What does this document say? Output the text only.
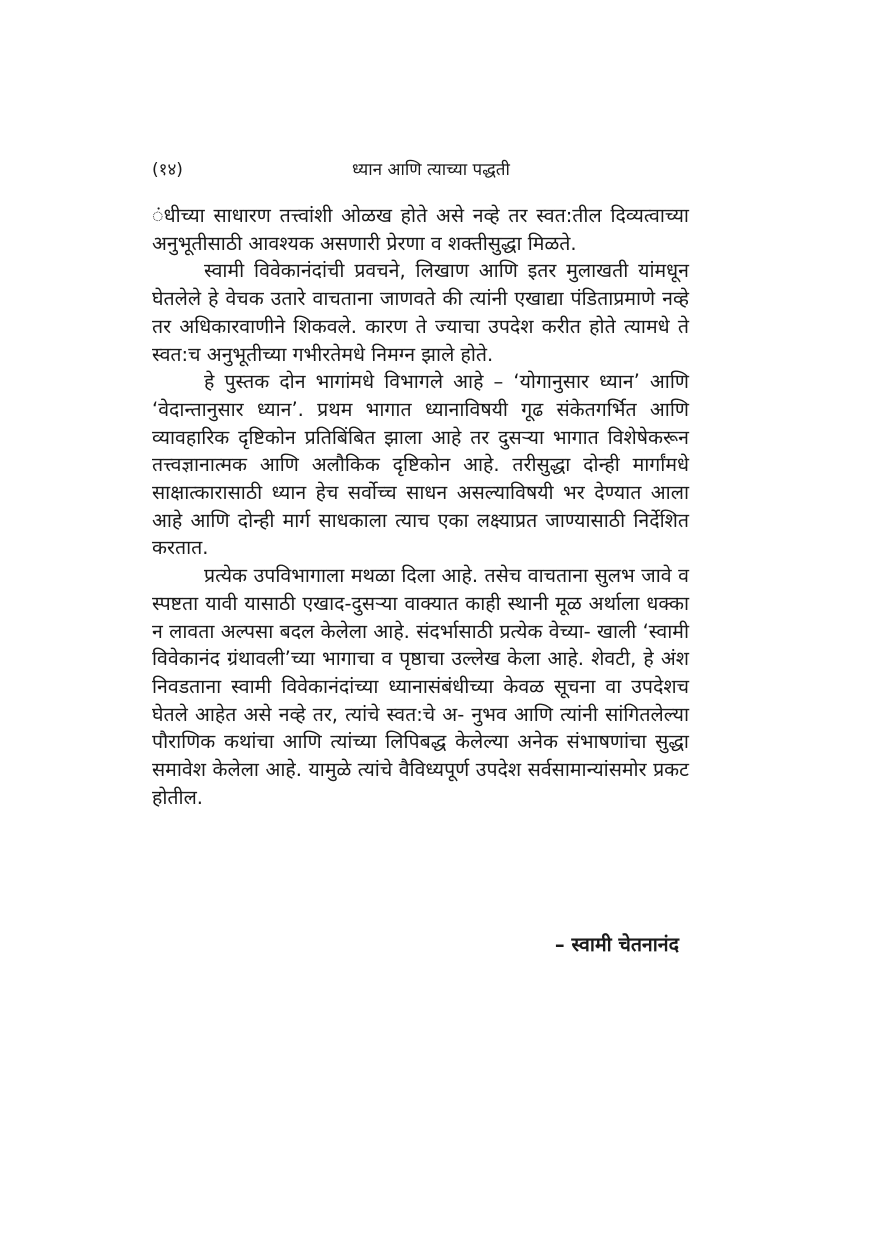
(१४)	ध्यान आणि त्याच्या पद्धती

ंधीच्या साधारण तत्त्वांशी ओळख होते असे नव्हे तर स्वत:तील दिव्यत्वाच्या अनुभूतीसाठी आवश्यक असणारी प्रेरणा व शक्तीसुद्धा मिळते.

स्वामी विवेकानंदांची प्रवचने, लिखाण आणि इतर मुलाखती यांमधून घेतलेले हे वेचक उतारे वाचताना जाणवते की त्यांनी एखाद्या पंडिताप्रमाणे नव्हे तर अधिकारवाणीने शिकवले. कारण ते ज्याचा उपदेश करीत होते त्यामधे ते स्वत:च अनुभूतीच्या गभीरतेमधे निमग्न झाले होते.

हे पुस्तक दोन भागांमधे विभागले आहे – ‘योगानुसार ध्यान’ आणि ‘वेदान्तानुसार ध्यान’. प्रथम भागात ध्यानाविषयी गूढ संकेतगर्भित आणि व्यावहारिक दृष्टिकोन प्रतिबिंबित झाला आहे तर दुसऱ्या भागात विशेषेकरून तत्त्वज्ञानात्मक आणि अलौकिक दृष्टिकोन आहे. तरीसुद्धा दोन्ही मार्गांमधे साक्षात्कारासाठी ध्यान हेच सर्वोच्च साधन असल्याविषयी भर देण्यात आला आहे आणि दोन्ही मार्ग साधकाला त्याच एका लक्ष्याप्रत जाण्यासाठी निर्देशित करतात.

प्रत्येक उपविभागाला मथळा दिला आहे. तसेच वाचताना सुलभ जावे व स्पष्टता यावी यासाठी एखाद-दुसऱ्या वाक्यात काही स्थानी मूळ अर्थाला धक्का न लावता अल्पसा बदल केलेला आहे. संदर्भासाठी प्रत्येक वेच्या- खाली ‘स्वामी विवेकानंद ग्रंथावली’च्या भागाचा व पृष्ठाचा उल्लेख केला आहे. शेवटी, हे अंश निवडताना स्वामी विवेकानंदांच्या ध्यानासंबंधीच्या केवळ सूचना वा उपदेशच घेतले आहेत असे नव्हे तर, त्यांचे स्वत:चे अ- नुभव आणि त्यांनी सांगितलेल्या पौराणिक कथांचा आणि त्यांच्या लिपिबद्ध केलेल्या अनेक संभाषणांचा सुद्धा समावेश केलेला आहे. यामुळे त्यांचे वैविध्यपूर्ण उपदेश सर्वसामान्यांसमोर प्रकट होतील.

– स्वामी चेतनानंद
